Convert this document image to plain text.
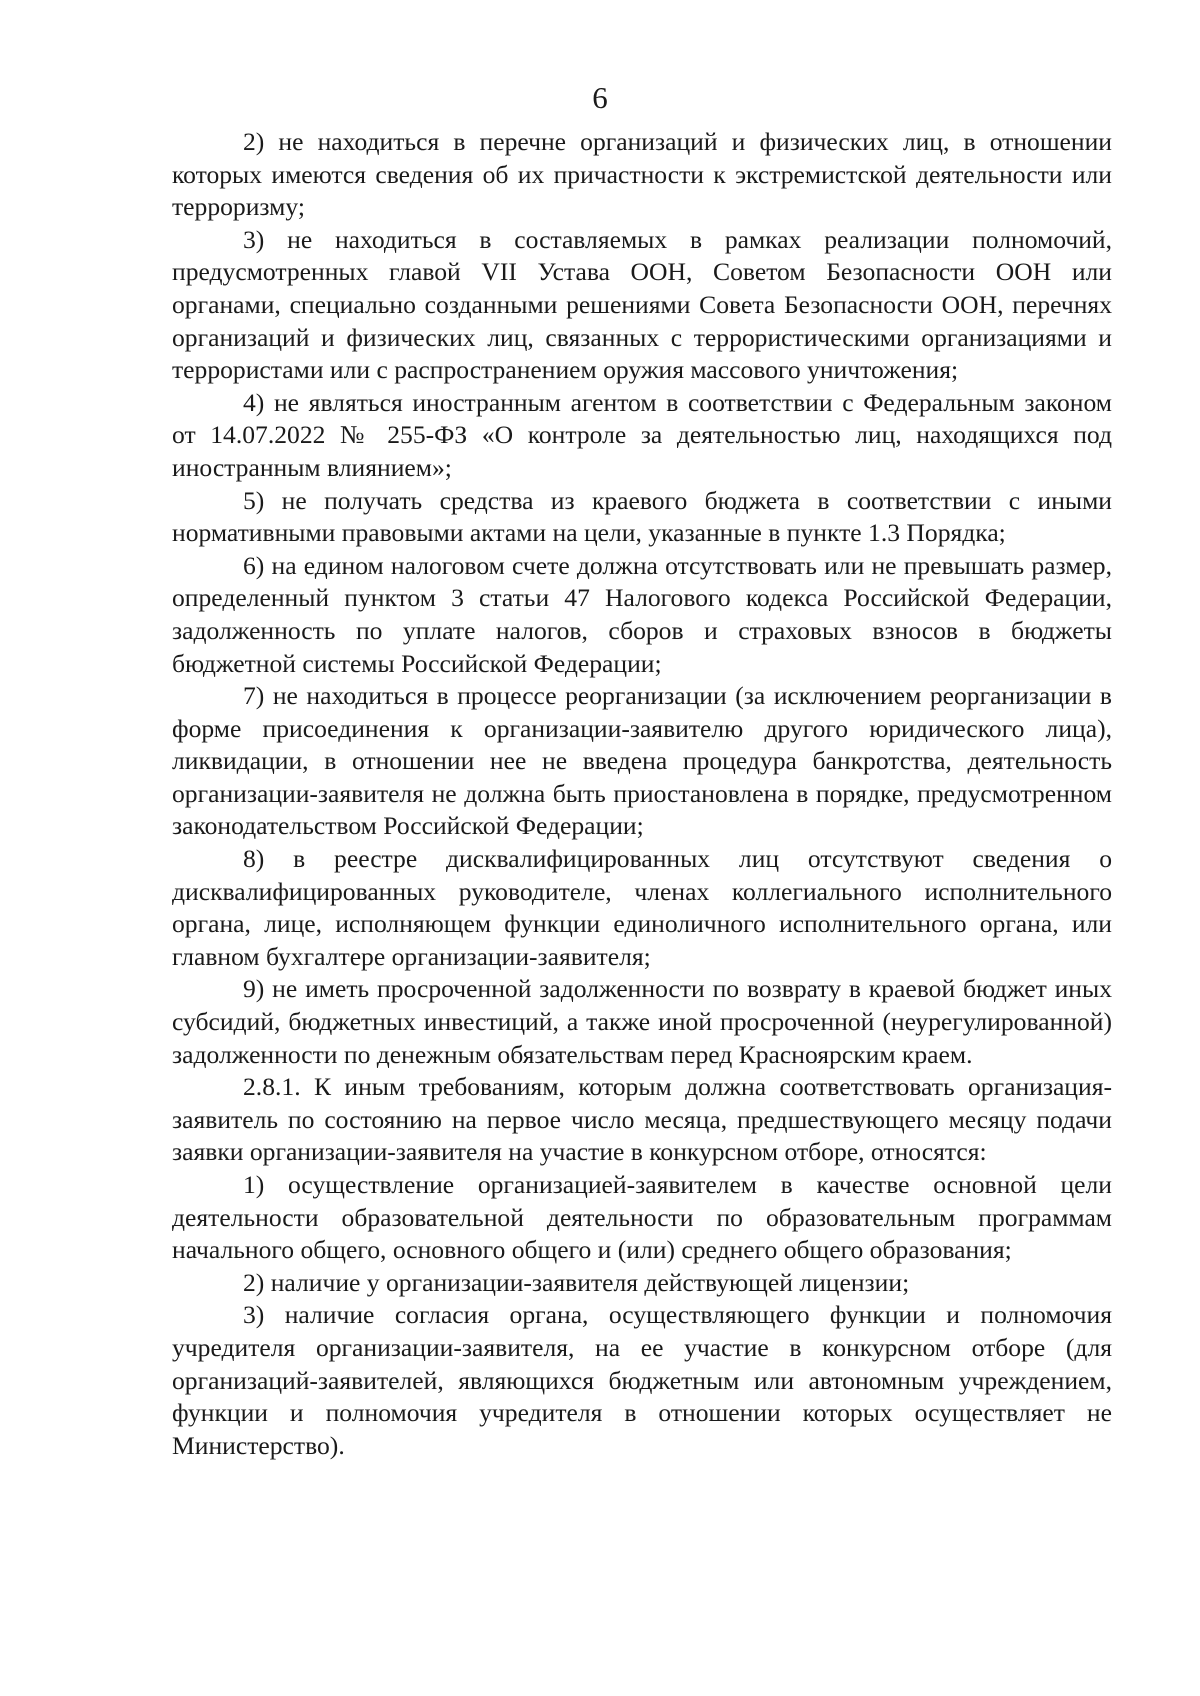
6

2) не находиться в перечне организаций и физических лиц, в отношении которых имеются сведения об их причастности к экстремистской деятельности или терроризму;

3) не находиться в составляемых в рамках реализации полномочий, предусмотренных главой VII Устава ООН, Советом Безопасности ООН или органами, специально созданными решениями Совета Безопасности ООН, перечнях организаций и физических лиц, связанных с террористическими организациями и террористами или с распространением оружия массового уничтожения;

4) не являться иностранным агентом в соответствии с Федеральным законом от 14.07.2022 № 255-ФЗ «О контроле за деятельностью лиц, находящихся под иностранным влиянием»;

5) не получать средства из краевого бюджета в соответствии с иными нормативными правовыми актами на цели, указанные в пункте 1.3 Порядка;

6) на едином налоговом счете должна отсутствовать или не превышать размер, определенный пунктом 3 статьи 47 Налогового кодекса Российской Федерации, задолженность по уплате налогов, сборов и страховых взносов в бюджеты бюджетной системы Российской Федерации;

7) не находиться в процессе реорганизации (за исключением реорганизации в форме присоединения к организации-заявителю другого юридического лица), ликвидации, в отношении нее не введена процедура банкротства, деятельность организации-заявителя не должна быть приостановлена в порядке, предусмотренном законодательством Российской Федерации;

8) в реестре дисквалифицированных лиц отсутствуют сведения о дисквалифицированных руководителе, членах коллегиального исполнительного органа, лице, исполняющем функции единоличного исполнительного органа, или главном бухгалтере организации-заявителя;

9) не иметь просроченной задолженности по возврату в краевой бюджет иных субсидий, бюджетных инвестиций, а также иной просроченной (неурегулированной) задолженности по денежным обязательствам перед Красноярским краем.

2.8.1. К иным требованиям, которым должна соответствовать организация-заявитель по состоянию на первое число месяца, предшествующего месяцу подачи заявки организации-заявителя на участие в конкурсном отборе, относятся:

1) осуществление организацией-заявителем в качестве основной цели деятельности образовательной деятельности по образовательным программам начального общего, основного общего и (или) среднего общего образования;

2) наличие у организации-заявителя действующей лицензии;

3) наличие согласия органа, осуществляющего функции и полномочия учредителя организации-заявителя, на ее участие в конкурсном отборе (для организаций-заявителей, являющихся бюджетным или автономным учреждением, функции и полномочия учредителя в отношении которых осуществляет не Министерство).
